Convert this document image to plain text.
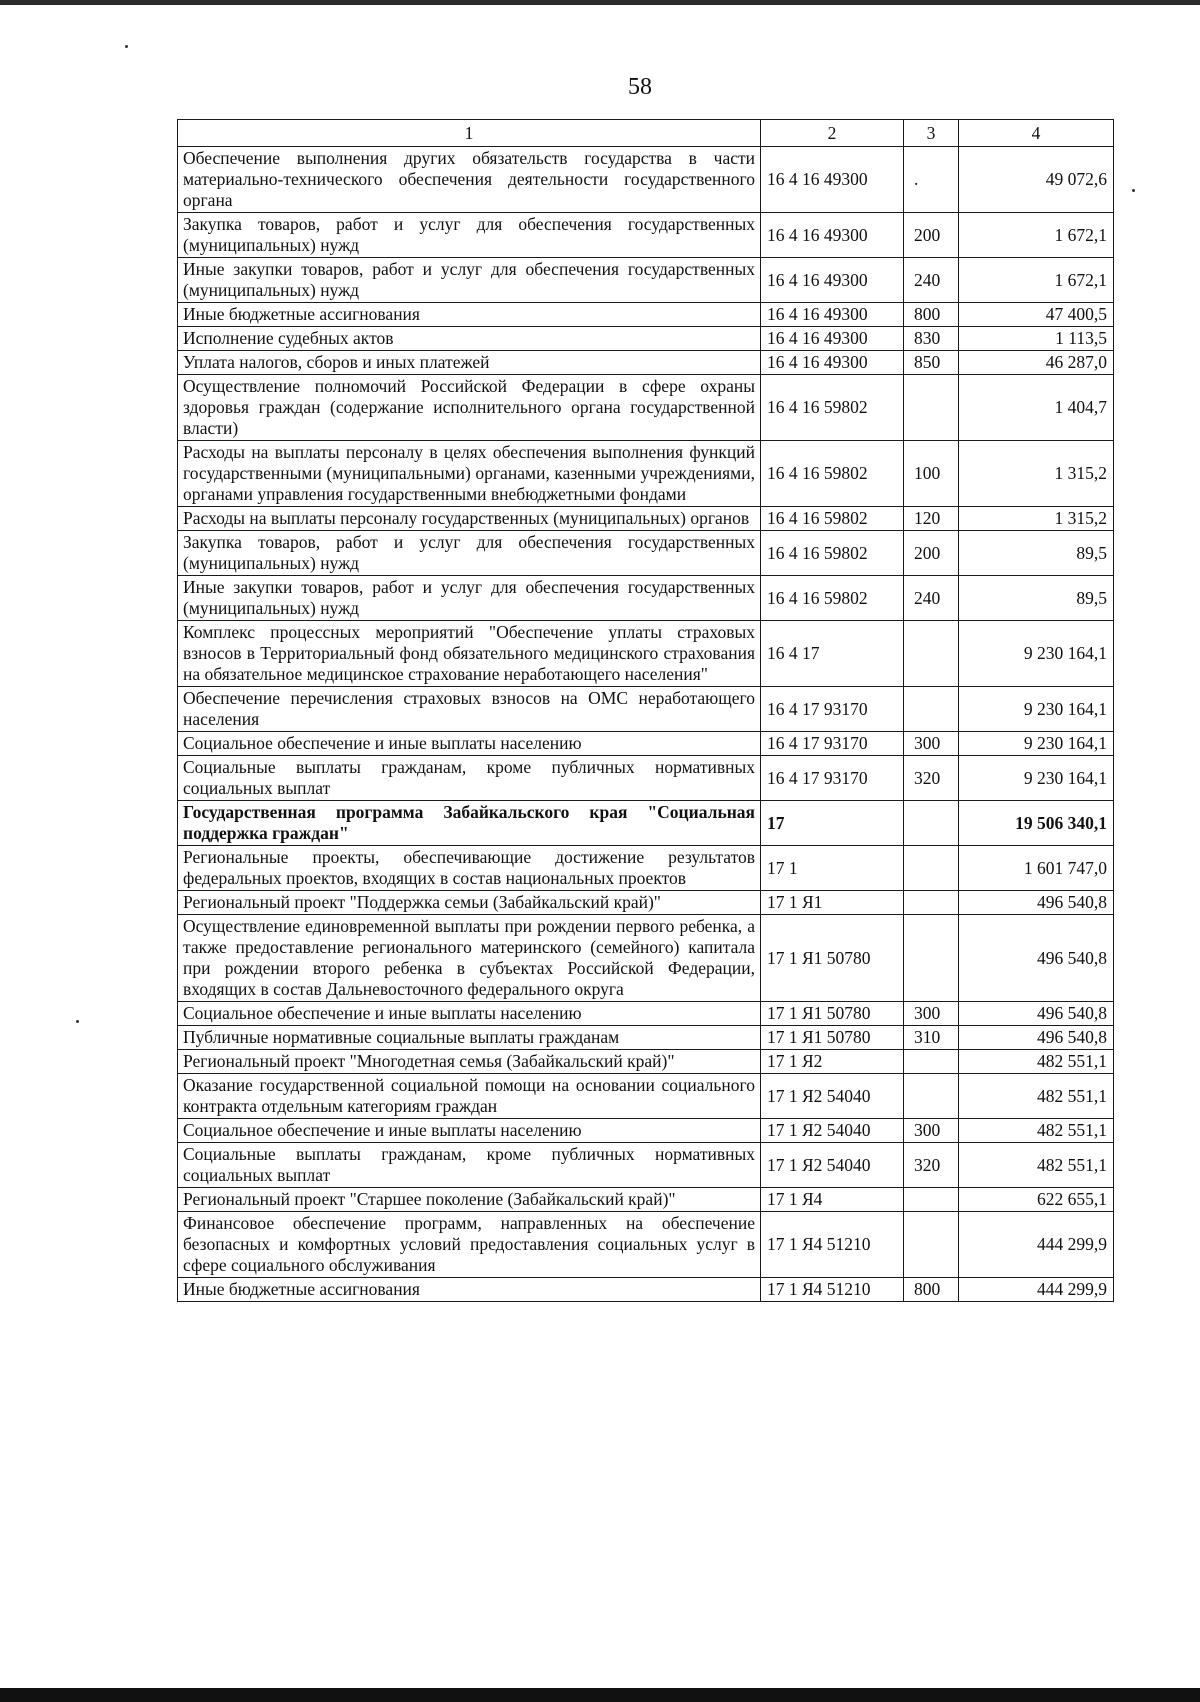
58
1	2	3	4
Обеспечение выполнения других обязательств государства в части материально-технического обеспечения деятельности государственного органа	16 4 16 49300	.	49 072,6
Закупка товаров, работ и услуг для обеспечения государственных (муниципальных) нужд	16 4 16 49300	200	1 672,1
Иные закупки товаров, работ и услуг для обеспечения государственных (муниципальных) нужд	16 4 16 49300	240	1 672,1
Иные бюджетные ассигнования	16 4 16 49300	800	47 400,5
Исполнение судебных актов	16 4 16 49300	830	1 113,5
Уплата налогов, сборов и иных платежей	16 4 16 49300	850	46 287,0
Осуществление полномочий Российской Федерации в сфере охраны здоровья граждан (содержание исполнительного органа государственной власти)	16 4 16 59802		1 404,7
Расходы на выплаты персоналу в целях обеспечения выполнения функций государственными (муниципальными) органами, казенными учреждениями, органами управления государственными внебюджетными фондами	16 4 16 59802	100	1 315,2
Расходы на выплаты персоналу государственных (муниципальных) органов	16 4 16 59802	120	1 315,2
Закупка товаров, работ и услуг для обеспечения государственных (муниципальных) нужд	16 4 16 59802	200	89,5
Иные закупки товаров, работ и услуг для обеспечения государственных (муниципальных) нужд	16 4 16 59802	240	89,5
Комплекс процессных мероприятий "Обеспечение уплаты страховых взносов в Территориальный фонд обязательного медицинского страхования на обязательное медицинское страхование неработающего населения"	16 4 17		9 230 164,1
Обеспечение перечисления страховых взносов на ОМС неработающего населения	16 4 17 93170		9 230 164,1
Социальное обеспечение и иные выплаты населению	16 4 17 93170	300	9 230 164,1
Социальные выплаты гражданам, кроме публичных нормативных социальных выплат	16 4 17 93170	320	9 230 164,1
Государственная программа Забайкальского края "Социальная поддержка граждан"	17		19 506 340,1
Региональные проекты, обеспечивающие достижение результатов федеральных проектов, входящих в состав национальных проектов	17 1		1 601 747,0
Региональный проект "Поддержка семьи (Забайкальский край)"	17 1 Я1		496 540,8
Осуществление единовременной выплаты при рождении первого ребенка, а также предоставление регионального материнского (семейного) капитала при рождении второго ребенка в субъектах Российской Федерации, входящих в состав Дальневосточного федерального округа	17 1 Я1 50780		496 540,8
Социальное обеспечение и иные выплаты населению	17 1 Я1 50780	300	496 540,8
Публичные нормативные социальные выплаты гражданам	17 1 Я1 50780	310	496 540,8
Региональный проект "Многодетная семья (Забайкальский край)"	17 1 Я2		482 551,1
Оказание государственной социальной помощи на основании социального контракта отдельным категориям граждан	17 1 Я2 54040		482 551,1
Социальное обеспечение и иные выплаты населению	17 1 Я2 54040	300	482 551,1
Социальные выплаты гражданам, кроме публичных нормативных социальных выплат	17 1 Я2 54040	320	482 551,1
Региональный проект "Старшее поколение (Забайкальский край)"	17 1 Я4		622 655,1
Финансовое обеспечение программ, направленных на обеспечение безопасных и комфортных условий предоставления социальных услуг в сфере социального обслуживания	17 1 Я4 51210		444 299,9
Иные бюджетные ассигнования	17 1 Я4 51210	800	444 299,9
